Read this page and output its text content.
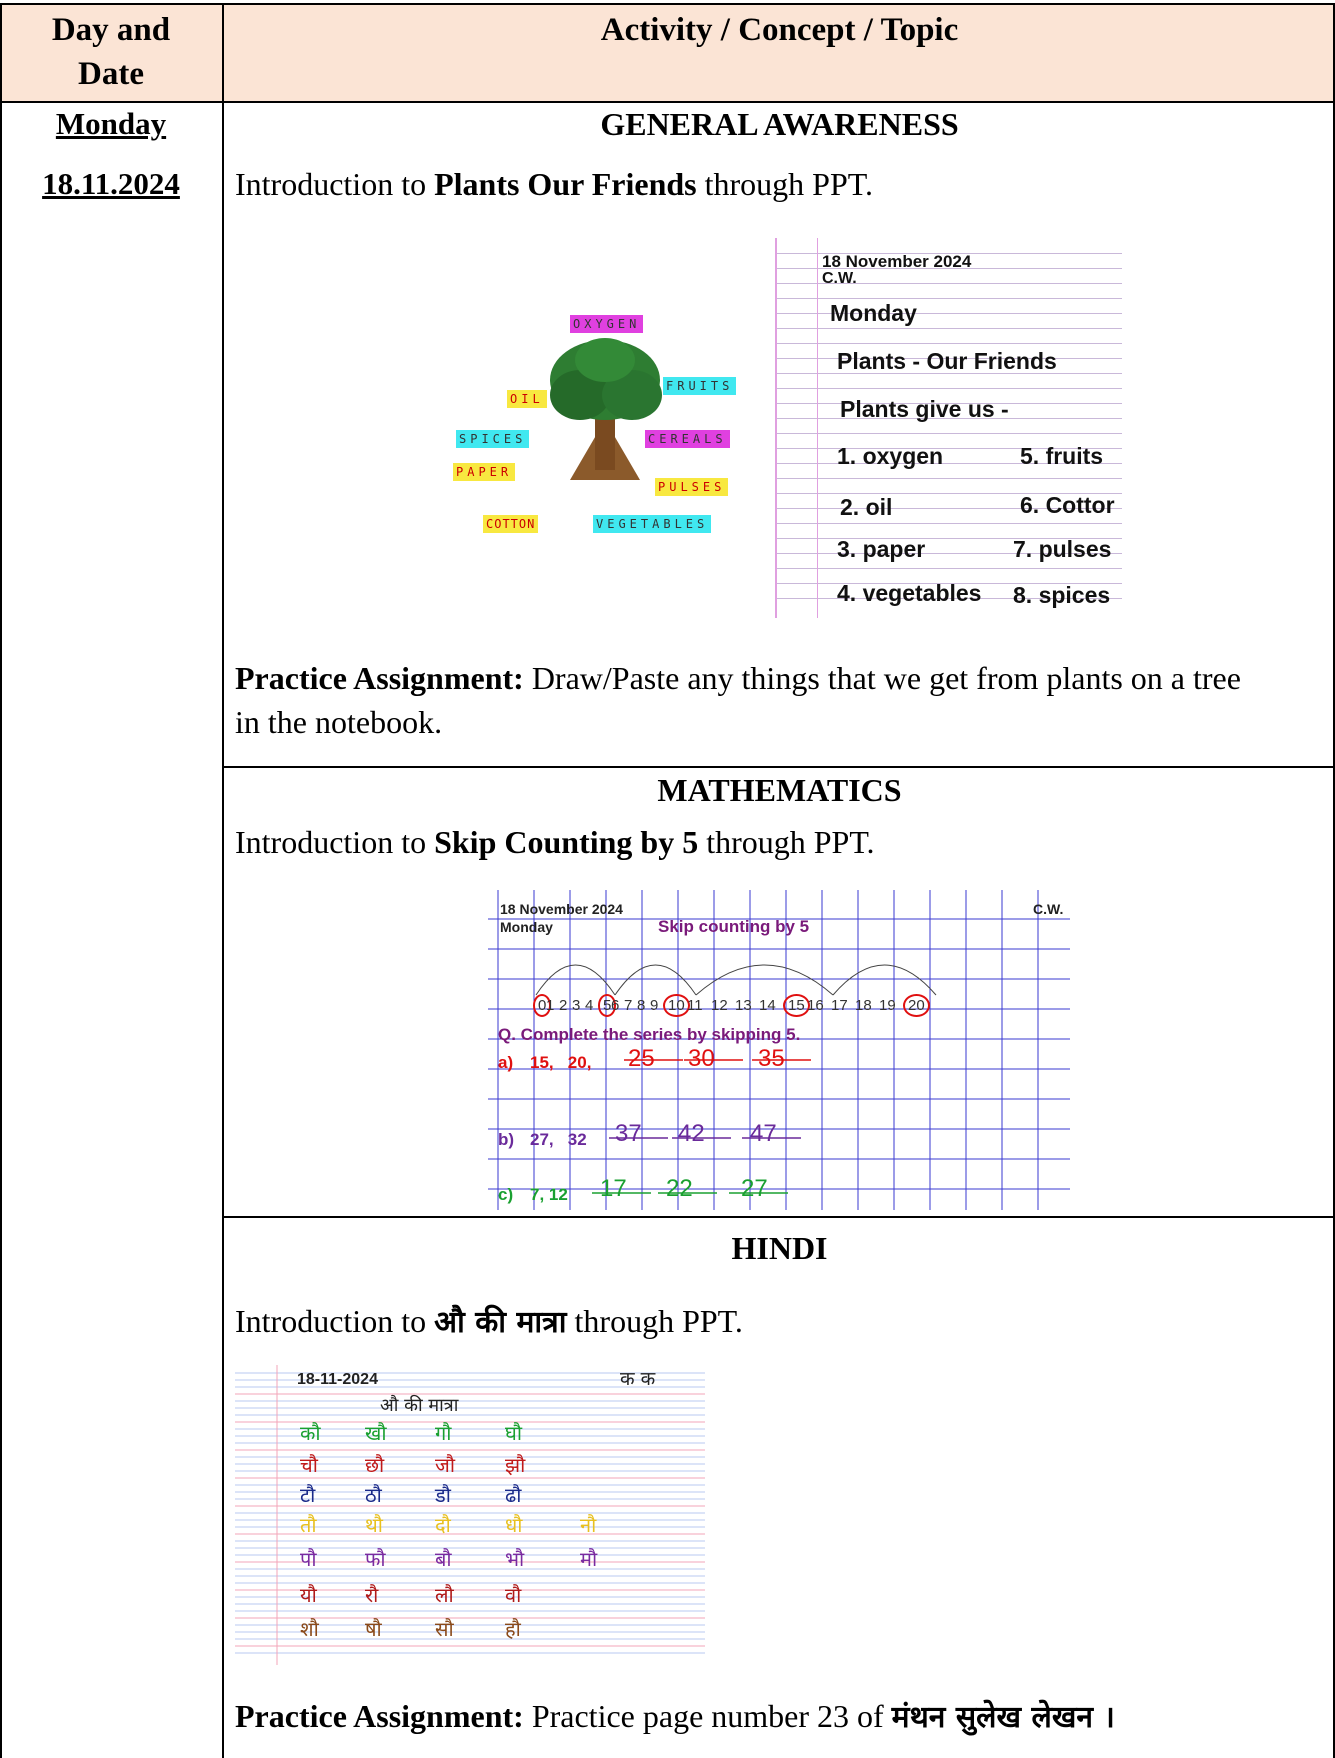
Day and
Date
Activity / Concept / Topic
Monday
18.11.2024
GENERAL AWARENESS
Introduction to Plants Our Friends through PPT.
OXYGEN
OIL
FRUITS
SPICES	CEREALS
PAPER
PULSES
COTTON	VEGETABLES
18 November 2024
C.W.
Monday
Plants - Our Friends
Plants give us -
1. oxygen	5. fruits
2. oil	6. Cottor
3. paper	7. pulses
4. vegetables 8. spices
Practice Assignment: Draw/Paste any things that we get from plants on a tree
in the notebook.
MATHEMATICS
Introduction to Skip Counting by 5 through PPT.
18 November 2024
Monday
C.W.
Skip counting by 5
0 1 2 3 4 5 6 7 8 9 10 11 12 13 14 15 16 17 18 19 20
Q. Complete the series by skipping 5.
a) 15,   20, 25 30 35
b) 27,   32 37 42 47
c) 7, 12 17 22 27
HINDI
Introduction to औ की मात्रा through PPT.
18-11-2024	क क
औ की मात्रा
कौ खौ गौ	घौ
चौ छौ	जौ झौ
टौ ठौ	डौ	ढौ
तौ थौ	दौ	धौ	नौ
पौ फौ बौ	भौ	मौ
यौ रौ	लौ	वौ
शौ षौ	सौ	हौ
Practice Assignment: Practice page number 23 of मंथन सुलेख लेखन ।
